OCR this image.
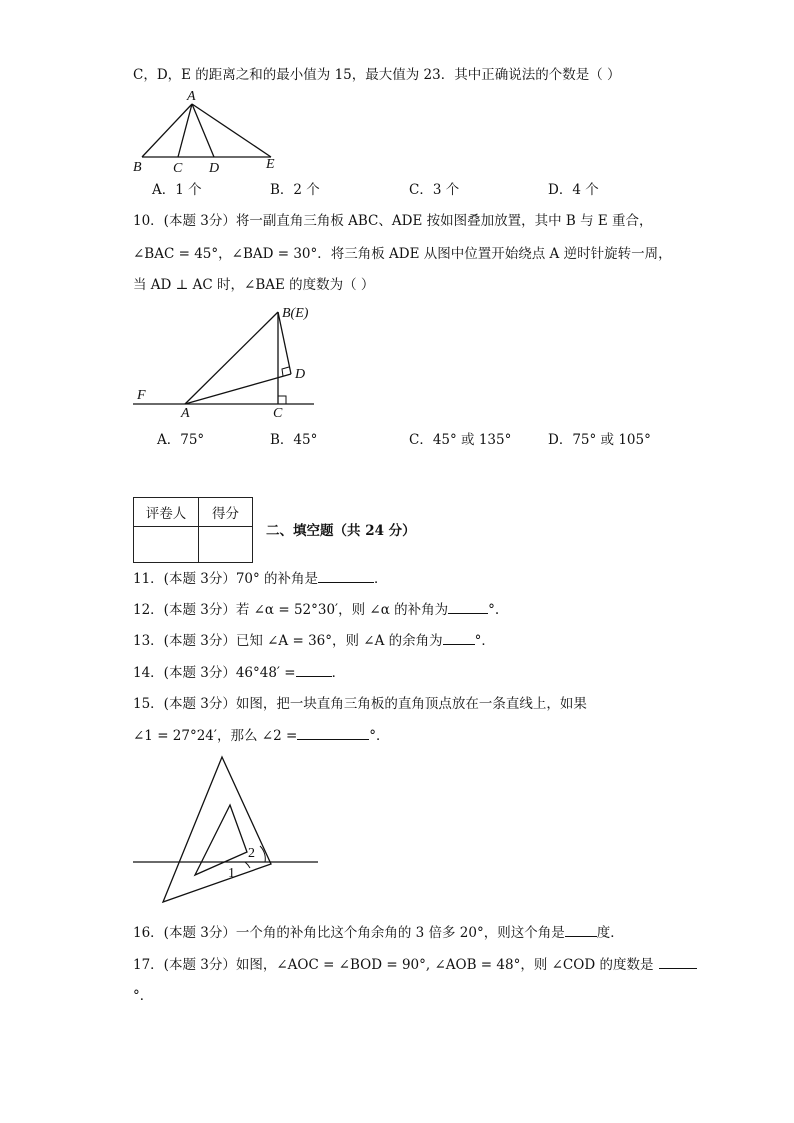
C，D，E 的距离之和的最小值为 15，最大值为 23．其中正确说法的个数是（ ）
A
B C D	E
A．1 个	B．2 个	C．3 个	D．4 个
10．(本题 3分）将一副直角三角板 ABC、ADE 按如图叠加放置，其中 B 与 E 重合，
∠BAC = 45°，∠BAD = 30°．将三角板 ADE 从图中位置开始绕点 A 逆时针旋转一周，
当 AD ⊥ AC 时，∠BAE 的度数为（ ）
B(E)
D
F
A	C
A．75°	B．45°	C．45° 或 135°	D．75° 或 105°
评卷人	得分

二、填空题（共 24 分）
11．(本题 3分）70° 的补角是	．
12．(本题 3分）若 ∠α = 52°30′，则 ∠α 的补角为	°.
13．(本题 3分）已知 ∠A = 36°，则 ∠A 的余角为 °．
14．(本题 3分）46°48′ =	．
15．(本题 3分）如图，把一块直角三角板的直角顶点放在一条直线上，如果
∠1 = 27°24′，那么 ∠2 =	°．
2
1
16．(本题 3分）一个角的补角比这个角余角的 3 倍多 20°，则这个角是 度．
17．(本题 3分）如图，∠AOC = ∠BOD = 90°, ∠AOB = 48°，则 ∠COD 的度数是
°．
